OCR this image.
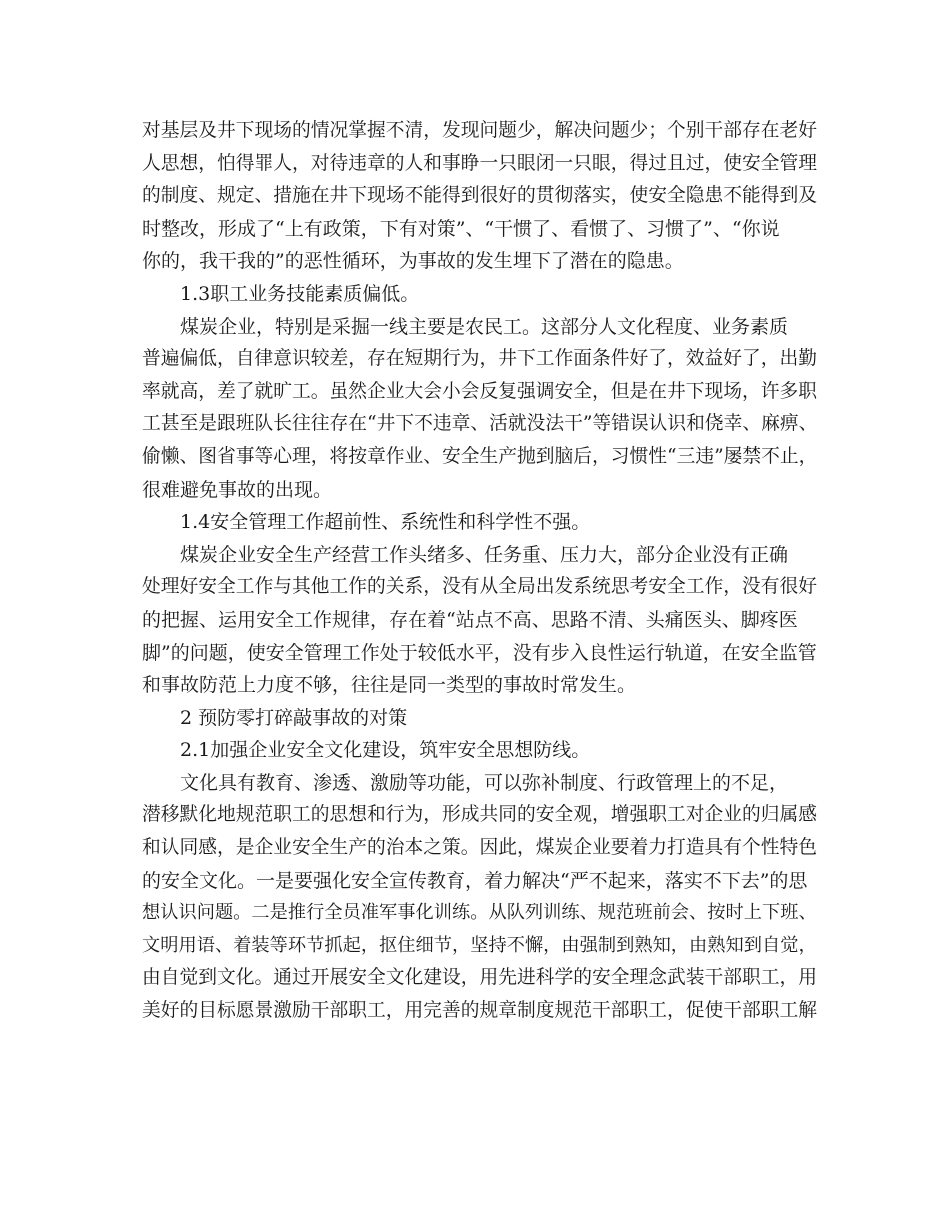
对基层及井下现场的情况掌握不清，发现问题少，解决问题少；个别干部存在老好
人思想，怕得罪人，对待违章的人和事睁一只眼闭一只眼，得过且过，使安全管理
的制度、规定、措施在井下现场不能得到很好的贯彻落实，使安全隐患不能得到及
时整改，形成了“上有政策，下有对策”、“干惯了、看惯了、习惯了”、“你说
你的，我干我的”的恶性循环，为事故的发生埋下了潜在的隐患。
1.3职工业务技能素质偏低。
煤炭企业，特别是采掘一线主要是农民工。这部分人文化程度、业务素质
普遍偏低，自律意识较差，存在短期行为，井下工作面条件好了，效益好了，出勤
率就高，差了就旷工。虽然企业大会小会反复强调安全，但是在井下现场，许多职
工甚至是跟班队长往往存在“井下不违章、活就没法干”等错误认识和侥幸、麻痹、
偷懒、图省事等心理，将按章作业、安全生产抛到脑后，习惯性“三违”屡禁不止，
很难避免事故的出现。
1.4安全管理工作超前性、系统性和科学性不强。
煤炭企业安全生产经营工作头绪多、任务重、压力大，部分企业没有正确
处理好安全工作与其他工作的关系，没有从全局出发系统思考安全工作，没有很好
的把握、运用安全工作规律，存在着“站点不高、思路不清、头痛医头、脚疼医
脚”的问题，使安全管理工作处于较低水平，没有步入良性运行轨道，在安全监管
和事故防范上力度不够，往往是同一类型的事故时常发生。
2 预防零打碎敲事故的对策
2.1加强企业安全文化建设，筑牢安全思想防线。
文化具有教育、渗透、激励等功能，可以弥补制度、行政管理上的不足，
潜移默化地规范职工的思想和行为，形成共同的安全观，增强职工对企业的归属感
和认同感，是企业安全生产的治本之策。因此，煤炭企业要着力打造具有个性特色
的安全文化。一是要强化安全宣传教育，着力解决“严不起来，落实不下去”的思
想认识问题。二是推行全员准军事化训练。从队列训练、规范班前会、按时上下班、
文明用语、着装等环节抓起，抠住细节，坚持不懈，由强制到熟知，由熟知到自觉，
由自觉到文化。通过开展安全文化建设，用先进科学的安全理念武装干部职工，用
美好的目标愿景激励干部职工，用完善的规章制度规范干部职工，促使干部职工解
